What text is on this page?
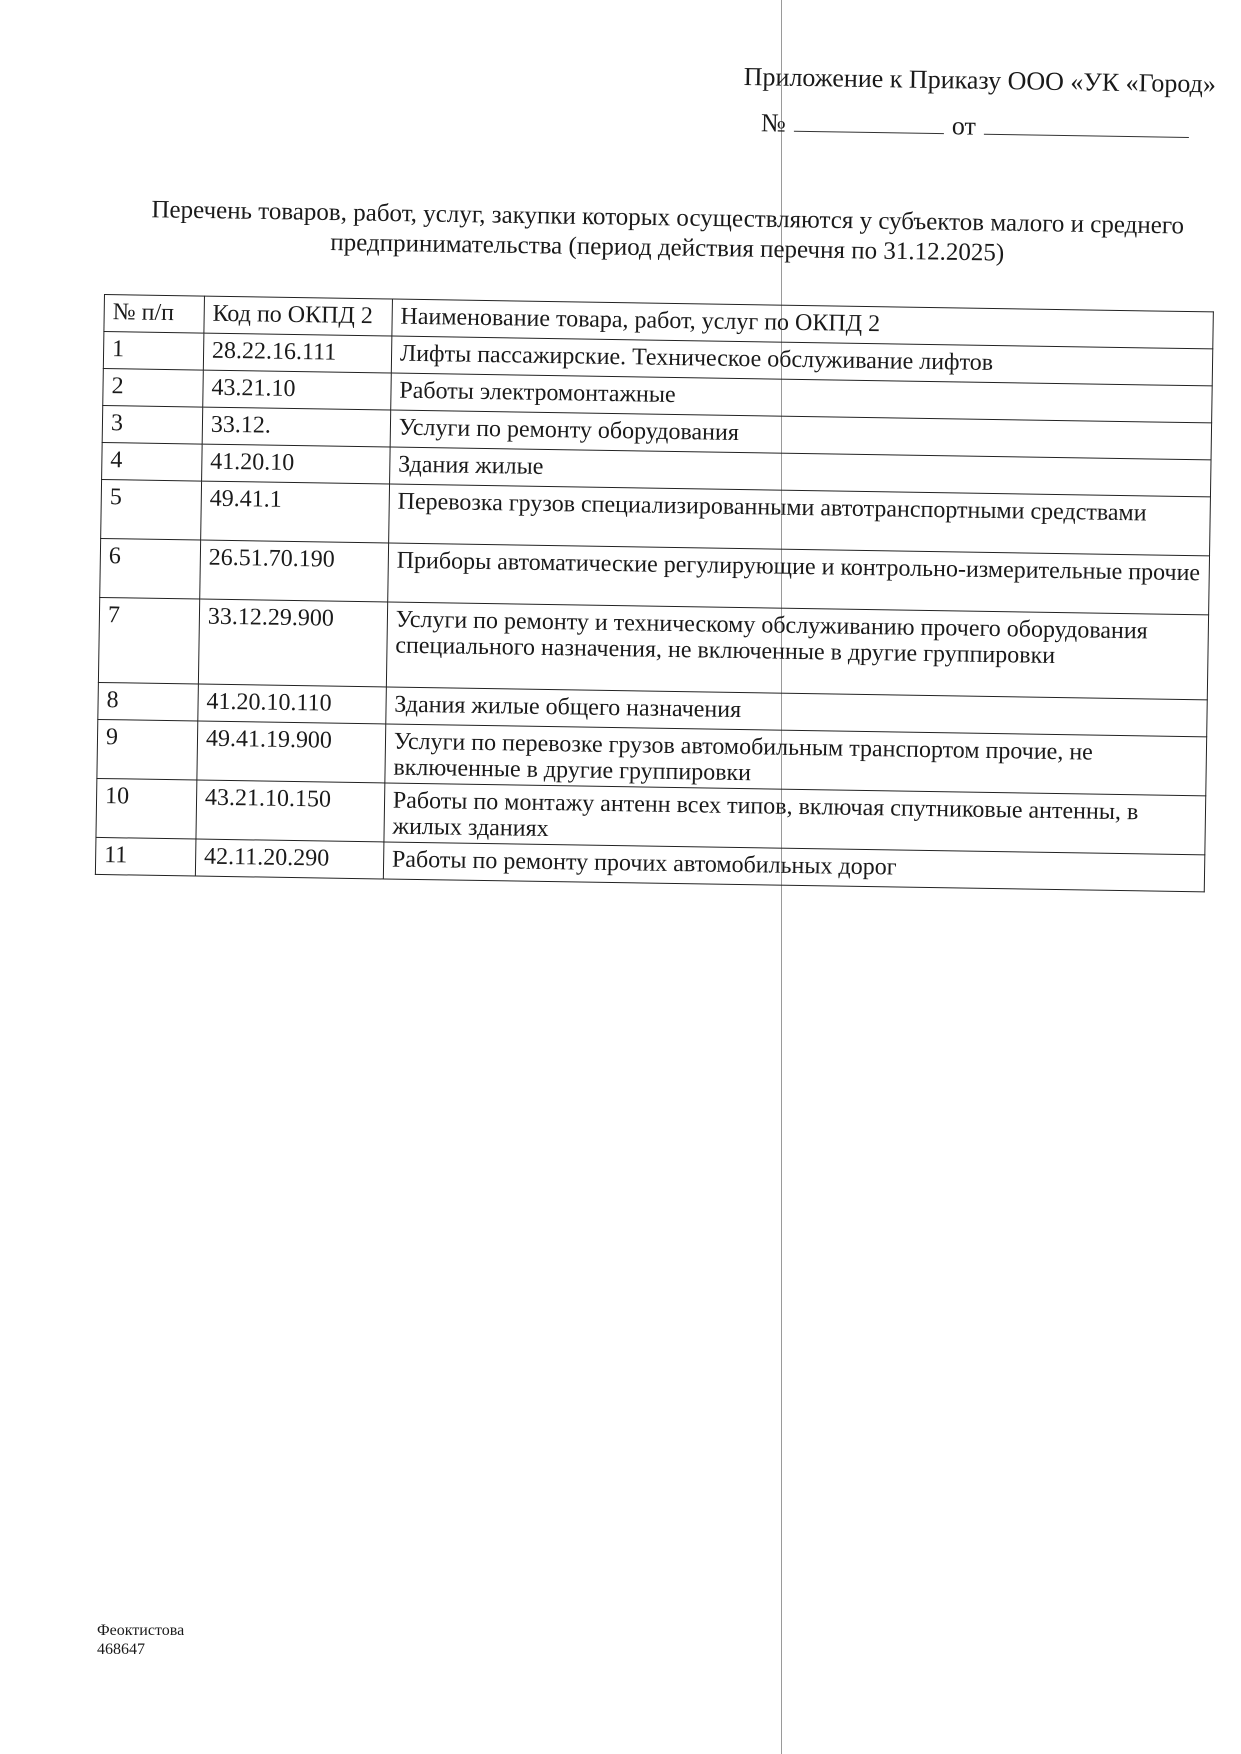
Приложение к Приказу ООО «УК «Город»
№	от
Перечень товаров, работ, услуг, закупки которых осуществляются у субъектов малого и среднего
предпринимательства (период действия перечня по 31.12.2025)
№ п/п	Код по ОКПД 2	Наименование товара, работ, услуг по ОКПД 2
1	28.22.16.111	Лифты пассажирские. Техническое обслуживание лифтов
2	43.21.10	Работы электромонтажные
3	33.12.	Услуги по ремонту оборудования
4	41.20.10	Здания жилые
5	49.41.1	Перевозка грузов специализированными автотранспортными средствами
6	26.51.70.190	Приборы автоматические регулирующие и контрольно-измерительные прочие
7	33.12.29.900	Услуги по ремонту и техническому обслуживанию прочего оборудования специального назначения, не включенные в другие группировки
8	41.20.10.110	Здания жилые общего назначения
9	49.41.19.900	Услуги по перевозке грузов автомобильным транспортом прочие, не включенные в другие группировки
10	43.21.10.150	Работы по монтажу антенн всех типов, включая спутниковые антенны, в жилых зданиях
11	42.11.20.290	Работы по ремонту прочих автомобильных дорог
Феоктистова
468647
